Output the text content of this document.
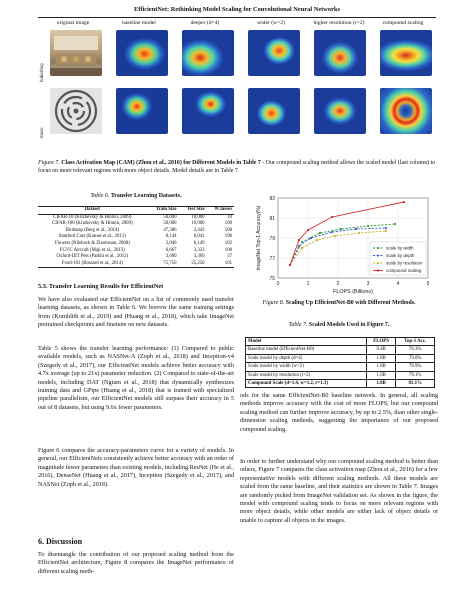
EfficientNet: Rethinking Model Scaling for Convolutional Neural Networks
original image	baseline model	deeper (d=4)	wider (w=2)	higher resolution (r=2)	compound scaling
bakeshop
maze
Figure 7. Class Activation Map (CAM) (Zhou et al., 2016) for Different Models in Table 7 - Our compound scaling method allows the scaled model (last column) to focus on more relevant regions with more object details. Model details are in Table 7.
Table 6. Transfer Learning Datasets.
Dataset	Train Size	Test Size	#Classes
CIFAR-10 (Krizhevsky & Hinton, 2009)	50,000	10,000	10
CIFAR-100 (Krizhevsky & Hinton, 2009)	50,000	10,000	100
Birdsnap (Berg et al., 2014)	47,386	2,443	500
Stanford Cars (Krause et al., 2013)	8,144	8,041	196
Flowers (Nilsback & Zisserman, 2008)	2,040	6,149	102
FGVC Aircraft (Maji et al., 2013)	6,667	3,333	100
Oxford-IIIT Pets (Parkhi et al., 2012)	3,680	3,369	37
Food-101 (Bossard et al., 2014)	75,750	25,250	101
5.3. Transfer Learning Results for EfficientNet
We have also evaluated our EfficientNet on a list of commonly used transfer learning datasets, as shown in Table 6. We borrow the same training settings from (Kornblith et al., 2019) and (Huang et al., 2018), which take ImageNet pretrained checkpoints and finetune on new datasets.
Table 5 shows the transfer learning performance: (1) Compared to public available models, such as NASNet-A (Zoph et al., 2018) and Inception-v4 (Szegedy et al., 2017), our EfficientNet models achieve better accuracy with 4.7x average (up to 21x) parameter reduction. (2) Compared to state-of-the-art models, including DAT (Ngiam et al., 2018) that dynamically synthesizes training data and GPipe (Huang et al., 2018) that is trained with specialized pipeline parallelism, our EfficientNet models still surpass their accuracy in 5 out of 8 datasets, but using 9.6x fewer parameters.
Figure 6 compares the accuracy-parameters curve for a variety of models. In general, our EfficientNets consistently achieve better accuracy with an order of magnitude fewer parameters than existing models, including ResNet (He et al., 2016), DenseNet (Huang et al., 2017), Inception (Szegedy et al., 2017), and NASNet (Zoph et al., 2018).
6. Discussion
To disentangle the contribution of our proposed scaling method from the EfficientNet architecture, Figure 8 compares the ImageNet performance of different scaling meth-
0	1	2	3	4	5
75
77
79
81
83
FLOPS (Billions)
ImageNet Top-1 Accuracy(%)	scale by width
scale by depth
scale by resolution
compound scaling
Figure 8. Scaling Up EfficientNet-B0 with Different Methods.
Table 7. Scaled Models Used in Figure 7.
Model	FLOPS	Top-1 Acc.
Baseline model (EfficientNet-B0)	0.4B	76.3%
Scale model by depth (d=4)	1.8B	79.0%
Scale model by width (w=2)	1.8B	78.9%
Scale model by resolution (r=2)	1.9B	79.1%
Compound Scale (d=1.4, w=1.2, r=1.3)	1.8B	81.1%
ods for the same EfficientNet-B0 baseline network. In general, all scaling methods improve accuracy with the cost of more FLOPS, but our compound scaling method can further improve accuracy, by up to 2.5%, than other single-dimension scaling methods, suggesting the importance of our proposed compound scaling.
In order to further understand why our compound scaling method is better than others, Figure 7 compares the class activation map (Zhou et al., 2016) for a few representative models with different scaling methods. All these models are scaled from the same baseline, and their statistics are shown in Table 7. Images are randomly picked from ImageNet validation set. As shown in the figure, the model with compound scaling tends to focus on more relevant regions with more object details, while other models are either lack of object details or unable to capture all objects in the images.
